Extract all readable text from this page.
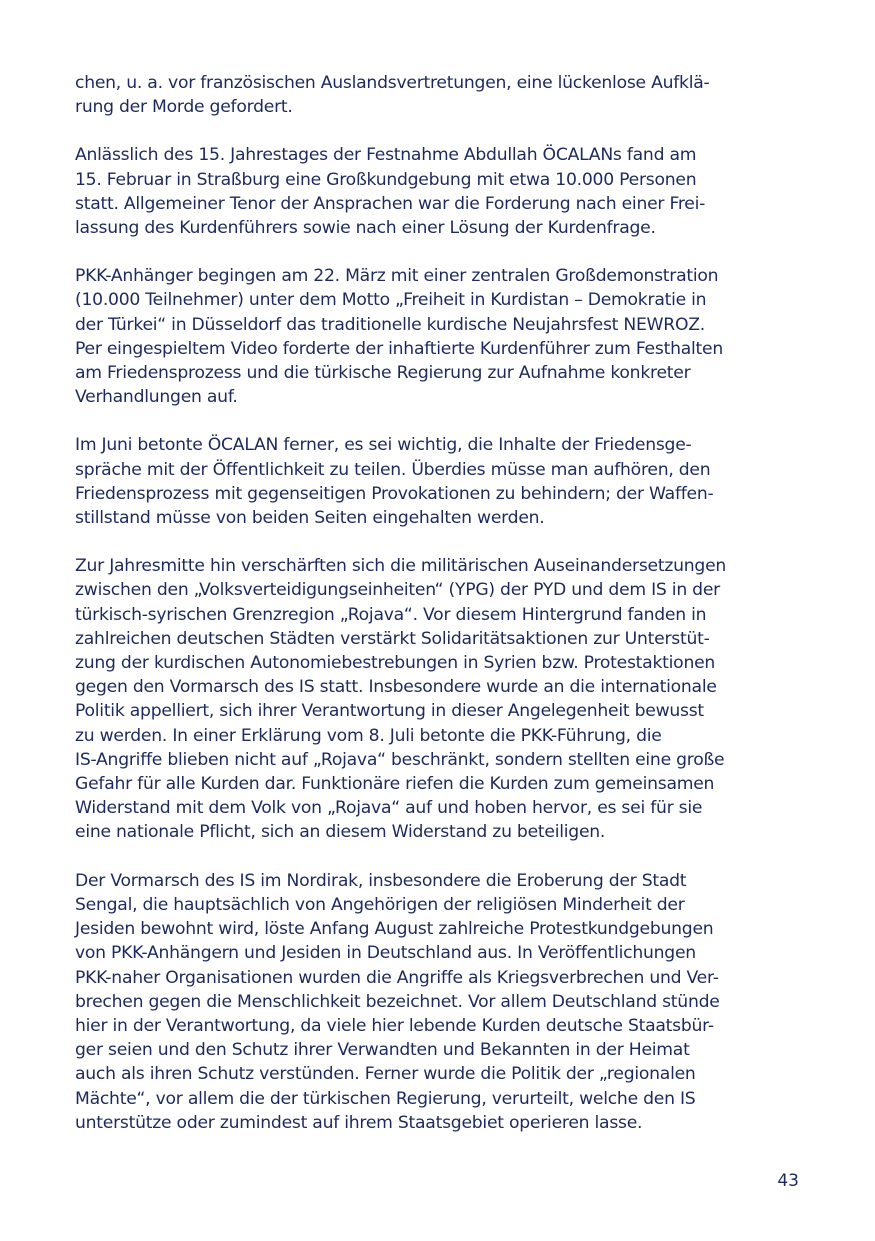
chen, u. a. vor französischen Auslandsvertretungen, eine lückenlose Aufklä-
rung der Morde gefordert.
Anlässlich des 15. Jahrestages der Festnahme Abdullah ÖCALANs fand am
15. Februar in Straßburg eine Großkundgebung mit etwa 10.000 Personen
statt. Allgemeiner Tenor der Ansprachen war die Forderung nach einer Frei-
lassung des Kurdenführers sowie nach einer Lösung der Kurdenfrage.
PKK-Anhänger begingen am 22. März mit einer zentralen Großdemonstration
(10.000 Teilnehmer) unter dem Motto „Freiheit in Kurdistan – Demokratie in
der Türkei“ in Düsseldorf das traditionelle kurdische Neujahrsfest NEWROZ.
Per eingespieltem Video forderte der inhaftierte Kurdenführer zum Festhalten
am Friedensprozess und die türkische Regierung zur Aufnahme konkreter
Verhandlungen auf.
Im Juni betonte ÖCALAN ferner, es sei wichtig, die Inhalte der Friedensge-
spräche mit der Öffentlichkeit zu teilen. Überdies müsse man aufhören, den
Friedensprozess mit gegenseitigen Provokationen zu behindern; der Waffen-
stillstand müsse von beiden Seiten eingehalten werden.
Zur Jahresmitte hin verschärften sich die militärischen Auseinandersetzungen
zwischen den „Volksverteidigungseinheiten“ (YPG) der PYD und dem IS in der
türkisch-syrischen Grenzregion „Rojava“. Vor diesem Hintergrund fanden in
zahlreichen deutschen Städten verstärkt Solidaritätsaktionen zur Unterstüt-
zung der kurdischen Autonomiebestrebungen in Syrien bzw. Protestaktionen
gegen den Vormarsch des IS statt. Insbesondere wurde an die internationale
Politik appelliert, sich ihrer Verantwortung in dieser Angelegenheit bewusst
zu werden. In einer Erklärung vom 8. Juli betonte die PKK-Führung, die
IS-Angriffe blieben nicht auf „Rojava“ beschränkt, sondern stellten eine große
Gefahr für alle Kurden dar. Funktionäre riefen die Kurden zum gemeinsamen
Widerstand mit dem Volk von „Rojava“ auf und hoben hervor, es sei für sie
eine nationale Pflicht, sich an diesem Widerstand zu beteiligen.
Der Vormarsch des IS im Nordirak, insbesondere die Eroberung der Stadt
Sengal, die hauptsächlich von Angehörigen der religiösen Minderheit der
Jesiden bewohnt wird, löste Anfang August zahlreiche Protestkundgebungen
von PKK-Anhängern und Jesiden in Deutschland aus. In Veröffentlichungen
PKK-naher Organisationen wurden die Angriffe als Kriegsverbrechen und Ver-
brechen gegen die Menschlichkeit bezeichnet. Vor allem Deutschland stünde
hier in der Verantwortung, da viele hier lebende Kurden deutsche Staatsbür-
ger seien und den Schutz ihrer Verwandten und Bekannten in der Heimat
auch als ihren Schutz verstünden. Ferner wurde die Politik der „regionalen
Mächte“, vor allem die der türkischen Regierung, verurteilt, welche den IS
unterstütze oder zumindest auf ihrem Staatsgebiet operieren lasse.
43
